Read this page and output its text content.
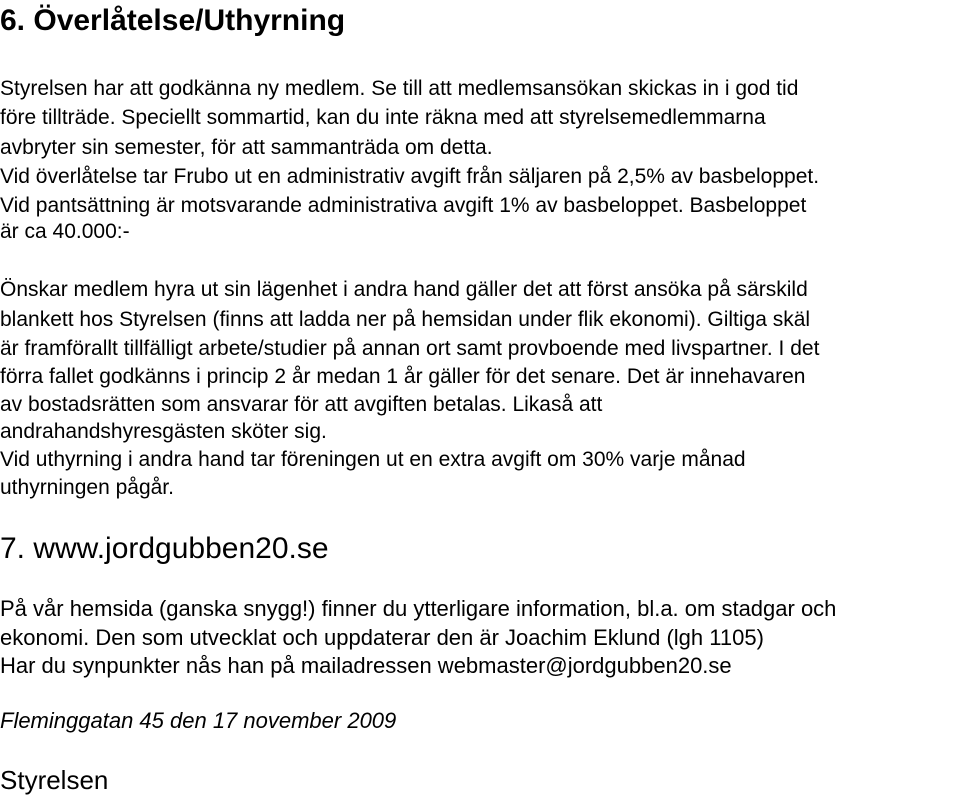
6. Överlåtelse/Uthyrning

Styrelsen har att godkänna ny medlem. Se till att medlemsansökan skickas in i god tid

före tillträde. Speciellt sommartid, kan du inte räkna med att styrelsemedlemmarna

avbryter sin semester, för att sammanträda om detta.

Vid överlåtelse tar Frubo ut en administrativ avgift från säljaren på 2,5% av basbeloppet.

Vid pantsättning är motsvarande administrativa avgift 1% av basbeloppet. Basbeloppet

är ca 40.000:-

Önskar medlem hyra ut sin lägenhet i andra hand gäller det att först ansöka på särskild

blankett hos Styrelsen (finns att ladda ner på hemsidan under flik ekonomi). Giltiga skäl

är framförallt tillfälligt arbete/studier på annan ort samt provboende med livspartner. I det

förra fallet godkänns i princip 2 år medan 1 år gäller för det senare. Det är innehavaren

av bostadsrätten som ansvarar för att avgiften betalas. Likaså att

andrahandshyresgästen sköter sig.

Vid uthyrning i andra hand tar föreningen ut en extra avgift om 30% varje månad

uthyrningen pågår.

7. www.jordgubben20.se

På vår hemsida (ganska snygg!) finner du ytterligare information, bl.a. om stadgar och

ekonomi. Den som utvecklat och uppdaterar den är Joachim Eklund (lgh 1105)

Har du synpunkter nås han på mailadressen webmaster@jordgubben20.se

Fleminggatan 45 den 17 november 2009

Styrelsen
